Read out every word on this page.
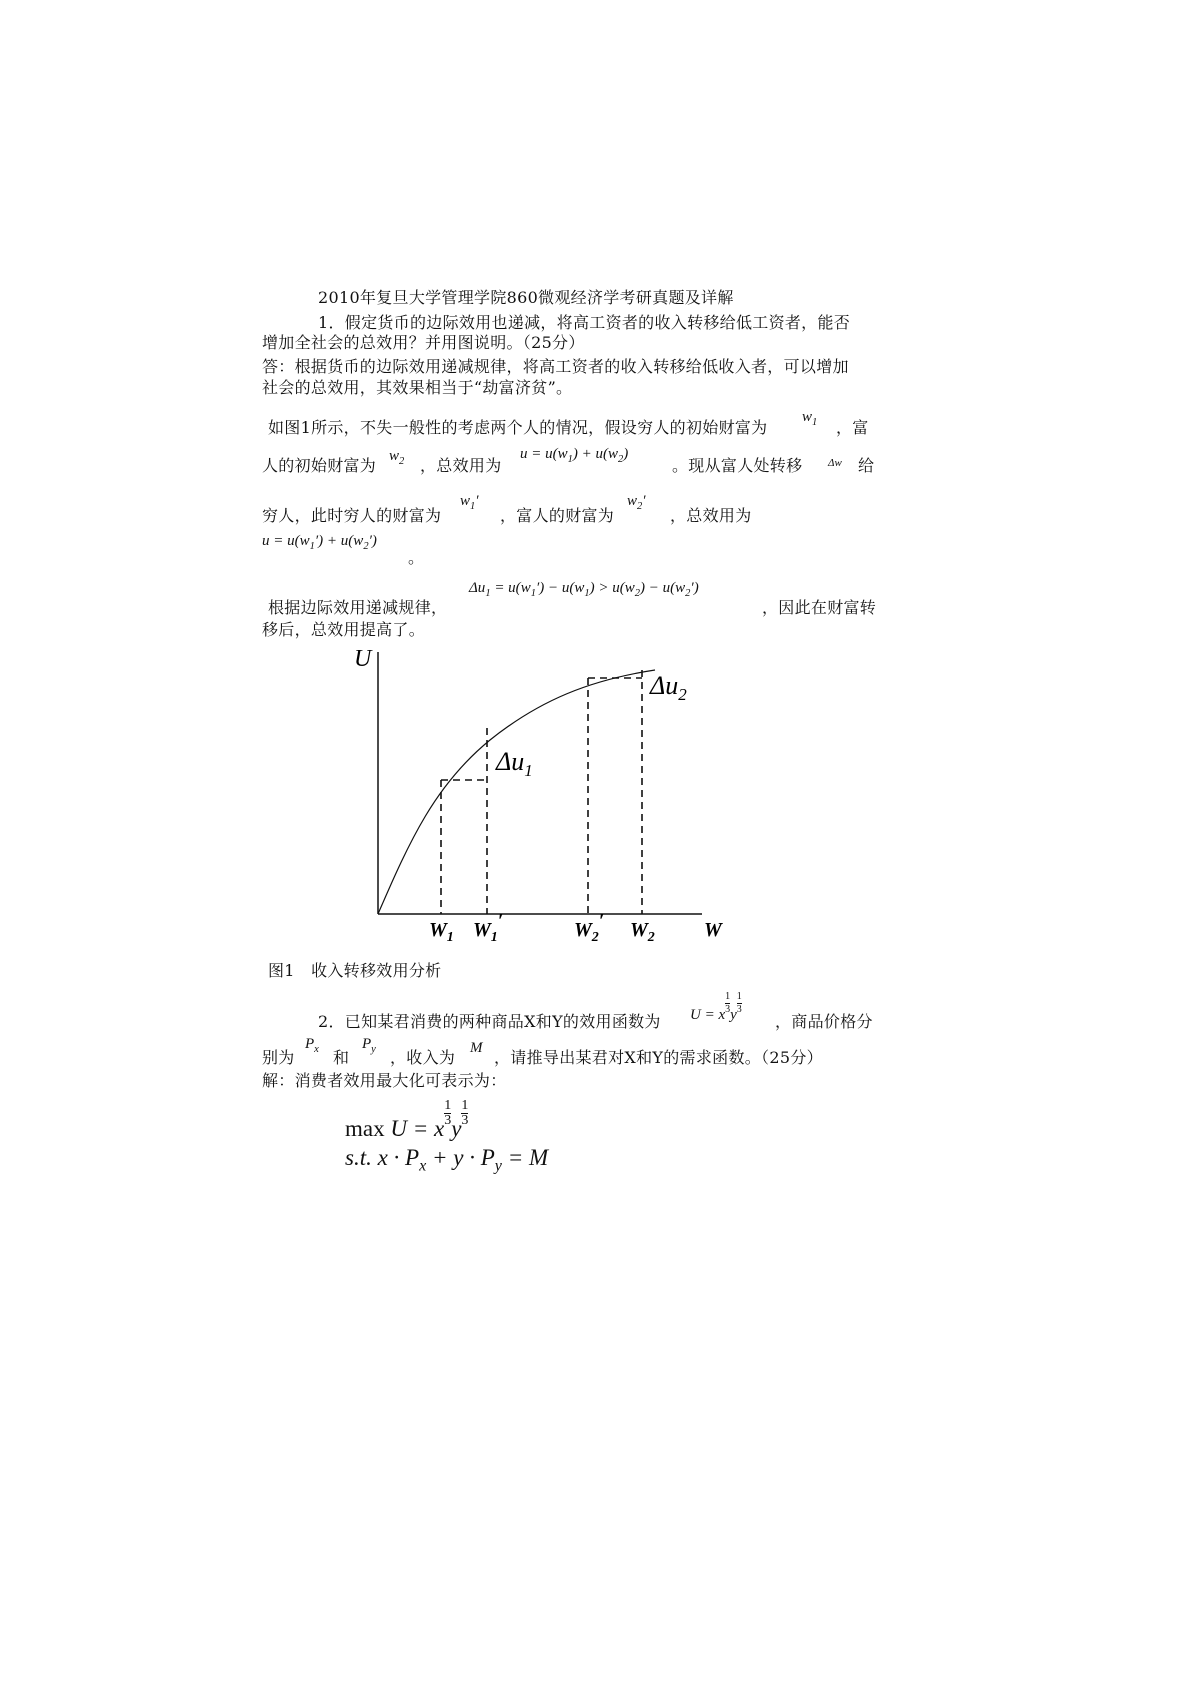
2010年复旦大学管理学院860微观经济学考研真题及详解
1．假定货币的边际效用也递减，将高工资者的收入转移给低工资者，能否
增加全社会的总效用？并用图说明。（25分）
答：根据货币的边际效用递减规律，将高工资者的收入转移给低收入者，可以增加
社会的总效用，其效果相当于“劫富济贫”。
如图1所示，不失一般性的考虑两个人的情况，假设穷人的初始财富为
$w_1$ ，富
人的初始财富为 $w_2$ ，总效用为
$u = u(w_1) + u(w_2)$
。现从富人处转移 Δw 给
穷人，此时穷人的财富为
$w_1'$
，富人的财富为
$w_2'$
，总效用为
$u = u(w_1') + u(w_2')$
。
根据边际效用递减规律，
$\Delta u_1 = u(w_1') - u(w_1) > u(w_2) - u(w_2')$
，因此在财富转
移后，总效用提高了。
U
$\Delta u_1$
$\Delta u_2$
W
$W_1$ $W_1'$	$W_2'$ $W_2$
图1　收入转移效用分析
2．已知某君消费的两种商品X和Y的效用函数为 U = x $\frac{1}{3}$ y $\frac{1}{3}$
，商品价格分
别为
$P_x$ 和
$P_y$ ，收入为 M ，请推导出某君对X和Y的需求函数。（25分）
解：消费者效用最大化可表示为：
max U = x
$\frac{1}{3}$
y
$\frac{1}{3}$
s.t. $x \cdot P_x + y \cdot P_y = M$
